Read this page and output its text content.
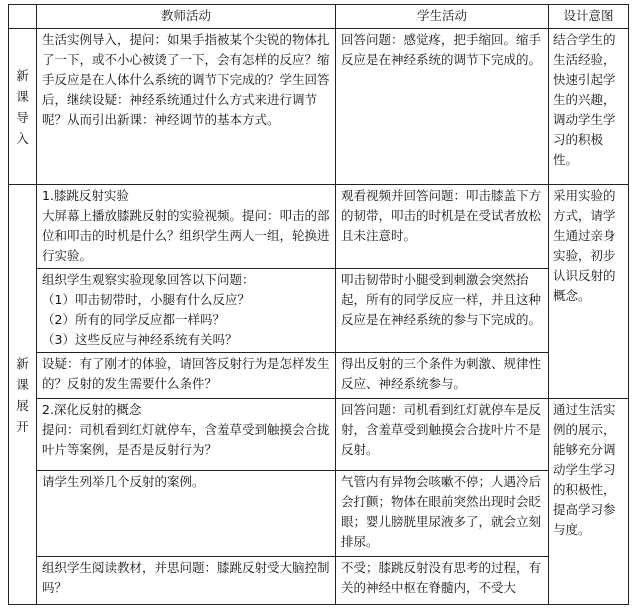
	教师活动	学生活动	设计意图

新
课
导
入	生活实例导入，提问：如果手指被某个尖锐的物体扎了一下，或不小心被烫了一下，会有怎样的反应？缩手反应是在人体什么系统的调节下完成的？学生回答后，继续设疑：神经系统通过什么方式来进行调节呢？从而引出新课：神经调节的基本方式。	回答问题：感觉疼，把手缩回。缩手反应是在神经系统的调节下完成的。	结合学生的生活经验，快速引起学生的兴趣，调动学生学习的积极性。

新
课
展
开	1.膝跳反射实验
大屏幕上播放膝跳反射的实验视频。提问：叩击的部位和叩击的时机是什么？组织学生两人一组，轮换进行实验。	观看视频并回答问题：叩击膝盖下方的韧带，叩击的时机是在受试者放松且未注意时。	采用实验的方式，请学生通过亲身实验，初步认识反射的概念。

	组织学生观察实验现象回答以下问题：
（1）叩击韧带时，小腿有什么反应？
（2）所有的同学反应都一样吗？
（3）这些反应与神经系统有关吗？	叩击韧带时小腿受到刺激会突然抬起，所有的同学反应一样，并且这种反应是在神经系统的参与下完成的。	
	设疑：有了刚才的体验，请回答反射行为是怎样发生的？反射的发生需要什么条件？	得出反射的三个条件为刺激、规律性反应、神经系统参与。	

	2.深化反射的概念
提问：司机看到红灯就停车，含羞草受到触摸会合拢叶片等案例，是否是反射行为？	回答问题：司机看到红灯就停车是反射，含羞草受到触摸会合拢叶片不是反射。	通过生活实例的展示，能够充分调动学生学习的积极性，提高学习参与度。
	请学生列举几个反射的案例。	气管内有异物会咳嗽不停；人遇冷后会打颤；物体在眼前突然出现时会眨眼；婴儿膀胱里尿液多了，就会立刻排尿。	
	组织学生阅读教材，并思问题：膝跳反射受大脑控制吗？	不受；膝跳反射没有思考的过程，有关的神经中枢在脊髓内，不受大	
